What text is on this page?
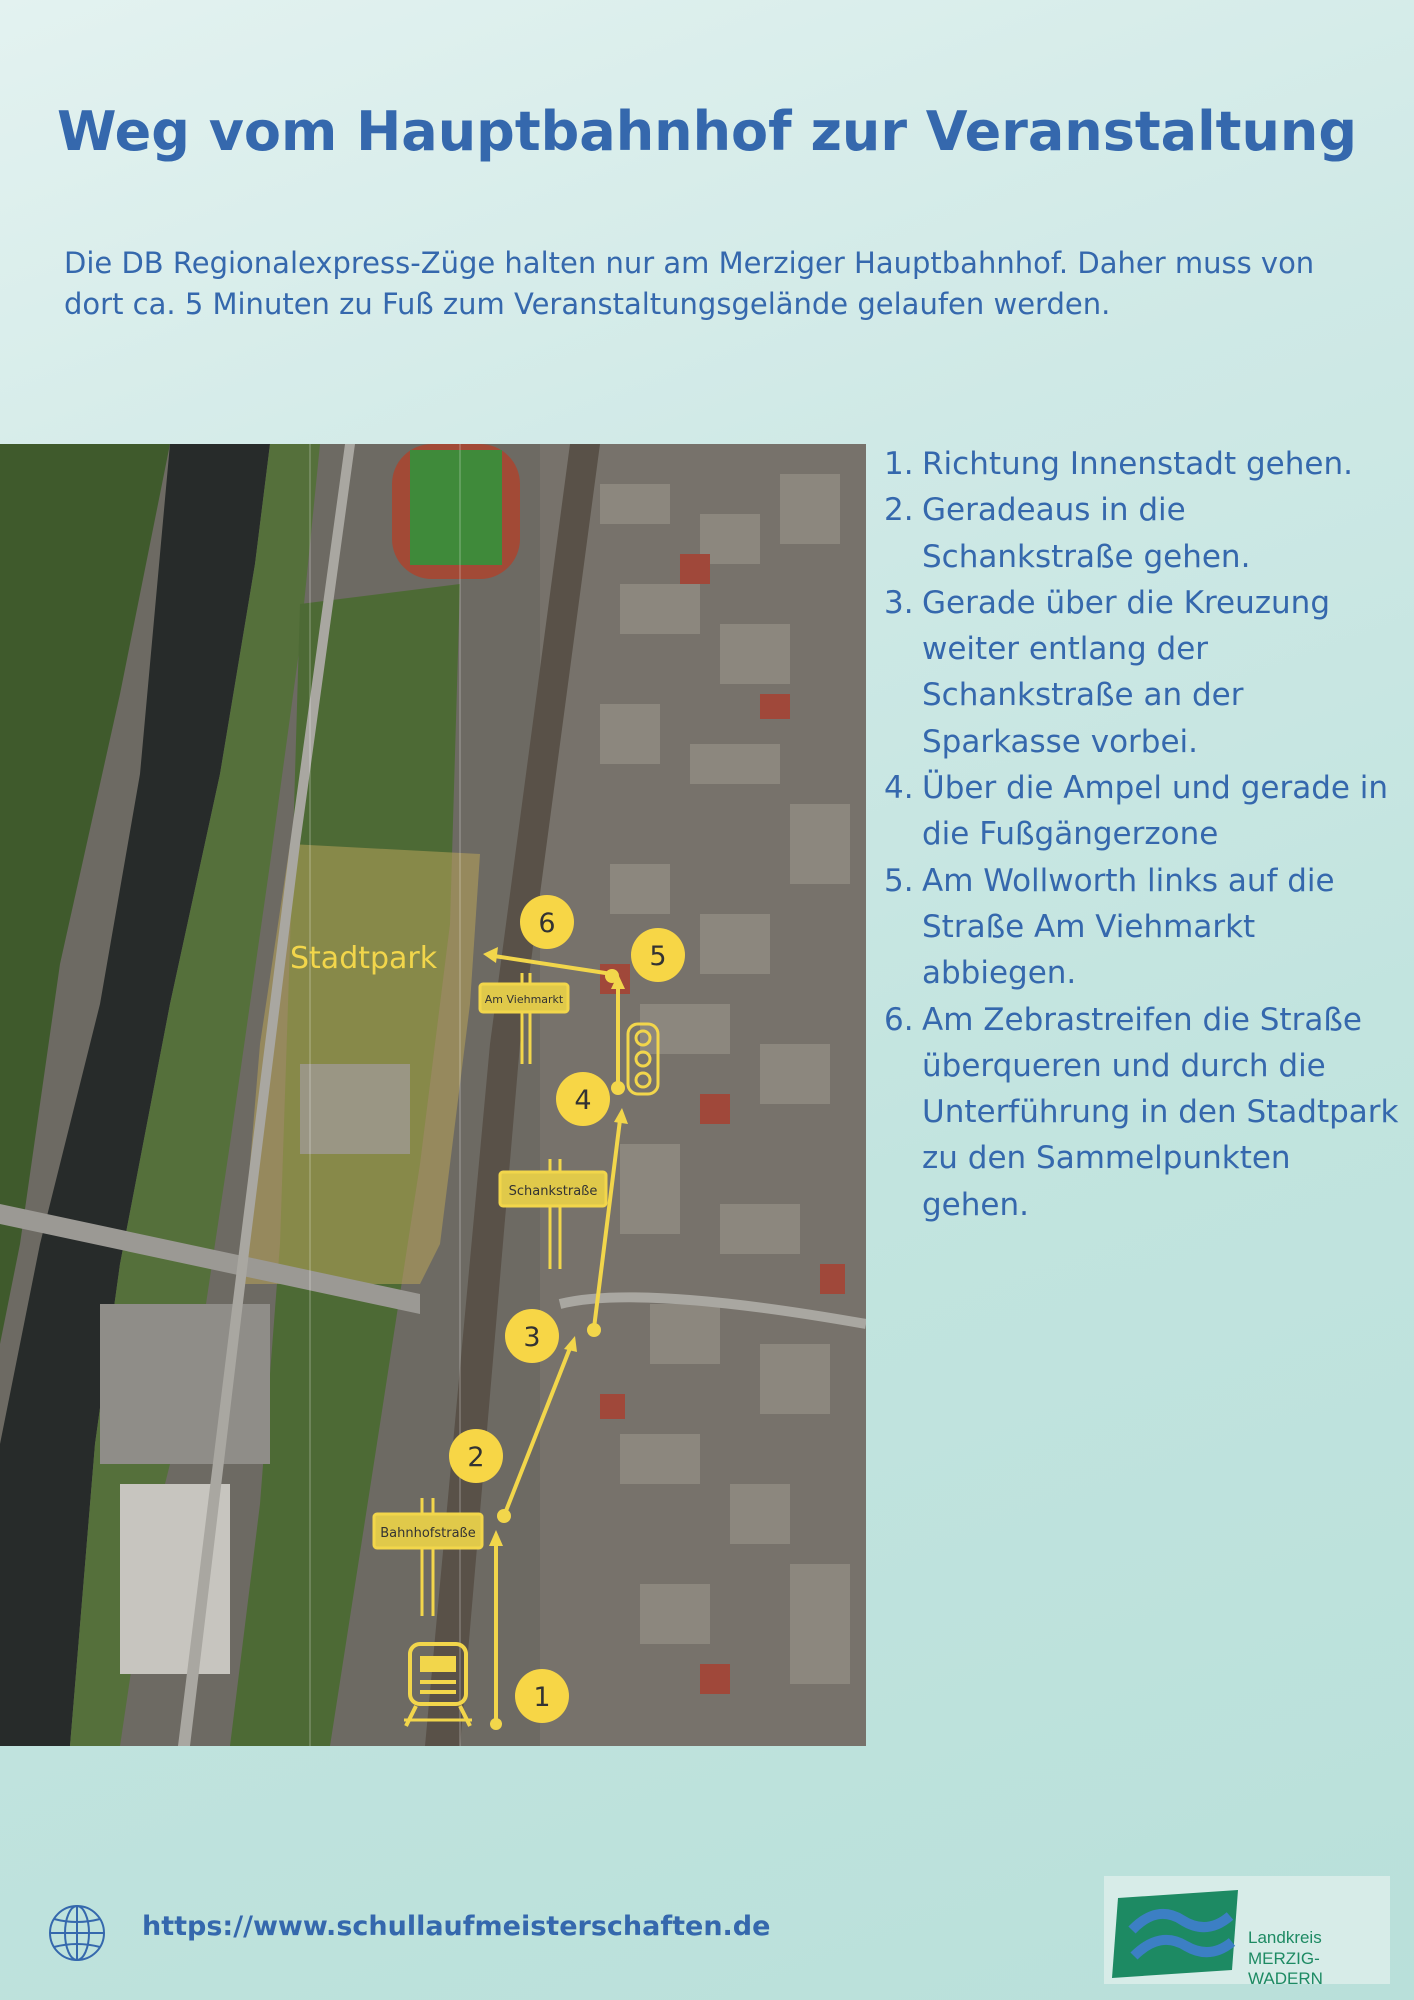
Weg vom Hauptbahnhof zur Veranstaltung

Die DB Regionalexpress-Züge halten nur am Merziger Hauptbahnhof. Daher muss von dort ca. 5 Minuten zu Fuß zum Veranstaltungsgelände gelaufen werden.

Stadtpark
Am Viehmarkt
Schankstraße
Bahnhofstraße
1
2
3
4
5
6
1. Richtung Innenstadt gehen.
2. Geradeaus in die Schankstraße gehen.
3. Gerade über die Kreuzung weiter entlang der Schankstraße an der Sparkasse vorbei.
4. Über die Ampel und gerade in die Fußgängerzone
5. Am Wollworth links auf die Straße Am Viehmarkt abbiegen.
6. Am Zebrastreifen die Straße überqueren und durch die Unterführung in den Stadtpark zu den Sammelpunkten gehen.
https://www.schullaufmeisterschaften.de	Landkreis
MERZIG-WADERN
